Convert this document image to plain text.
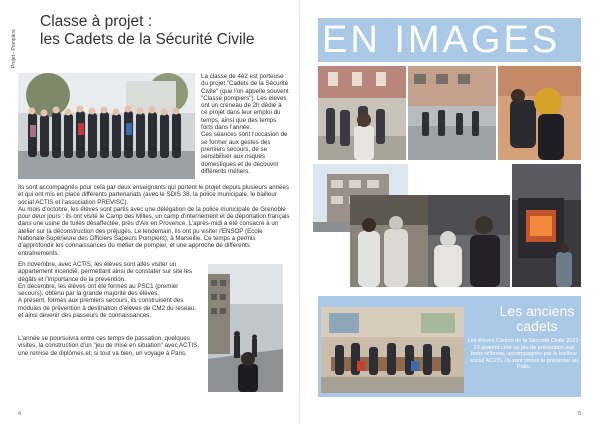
Projet - Pompiers
Classe à projet :
les Cadets de la Sécurité Civile

La classe de 4è2 est porteuse du projet "Cadets de la Sécurité Civile" (que l'on appelle souvent "Classe pompiers"). Les élèves ont un créneau de 2h dédié à ce projet dans leur emploi du temps, ainsi que des temps forts dans l'année.

Ces séances sont l'occasion de se former aux gestes des premiers secours, de se sensibiliser aux risques domestiques et de découvrir différents métiers.

Ils sont accompagnés pour cela par deux enseignants qui portent le projet depuis plusieurs années et qui ont mis en place différents partenariats (avec le SDIS 38, la police municipale, le bailleur social ACTIS et l'association PREVISC).

Au mois d'octobre, les élèves sont partis avec une délégation de la police municipale de Grenoble pour deux jours : ils ont visité le Camp des Milles, un camp d'internement et de déportation français dans une usine de tuiles désaffectée, près d'Aix en Provence. L'après-midi a été consacré à un atelier sur la déconstruction des préjugés. Le lendemain, ils ont pu visiter l'ENSOP (Ecole Nationale Supérieure des Officiers Sapeurs Pompiers), à Marseille. Ce temps a permis d'approfondir les connaissances du métier de pompier, et une approche de différents entraînements.

En novembre, avec ACTIS, les élèves sont allés visiter un appartement incendié, permettant ainsi de constater sur site les dégâts et l'importance de la prévention.

En décembre, les élèves ont été formés au PSC1 (premier secours), obtenu par la grande majorité des élèves.

A présent, formés aux premiers secours, ils construisent des modules de prévention à destination d'élèves de CM2 du réseau, et ainsi devenir des passeurs de connaissances.

L'année se poursuivra entre ces temps de passation, quelques visites, la construction d'un "jeu de mise en situation" avec ACTIS, une remise de diplômes et, si tout va bien, un voyage à Paris.

4
EN IMAGES
Les anciens cadets

Les élèves Cadets de la Sécurité Civile 2022-23 avaient créé un jeu de prévention aux bons réflexes, accompagnés par le bailleur social ACTIS. Ils sont venus le présenter au Patio.

5
